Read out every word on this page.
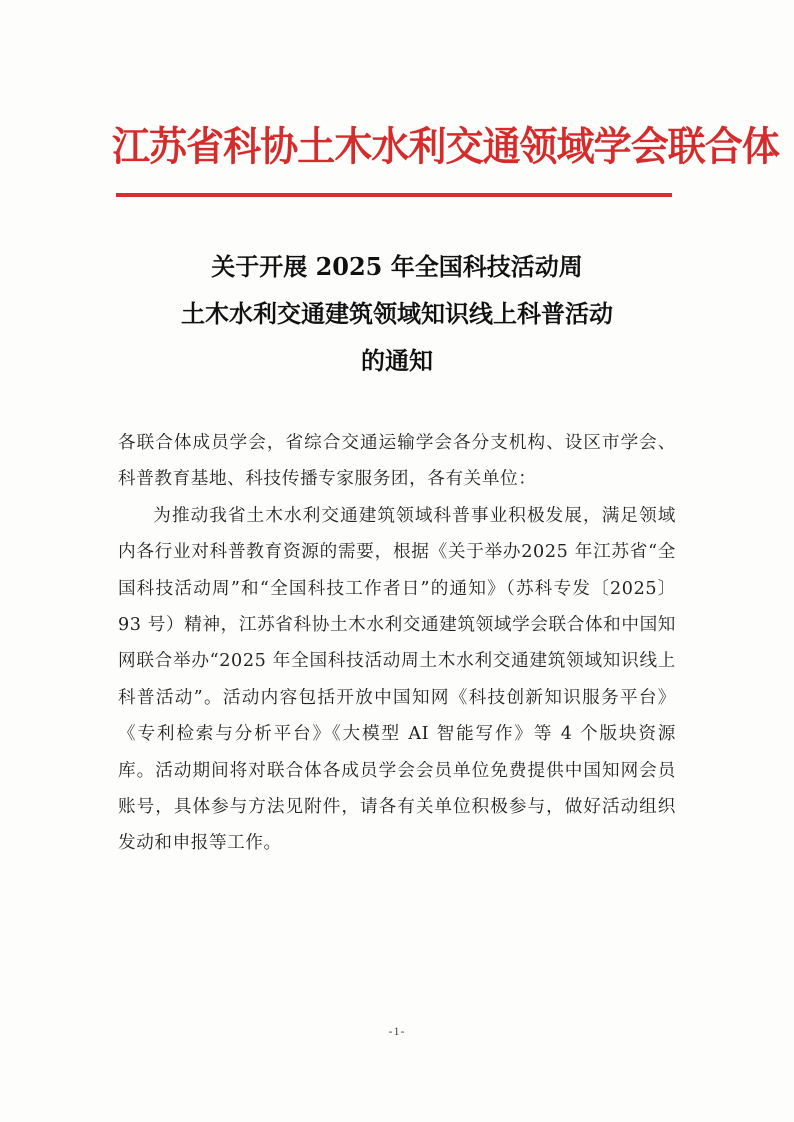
江苏省科协土木水利交通领域学会联合体
关于开展 2025 年全国科技活动周
土木水利交通建筑领域知识线上科普活动
的通知

各联合体成员学会，省综合交通运输学会各分支机构、设区市学会、科普教育基地、科技传播专家服务团，各有关单位：

为推动我省土木水利交通建筑领域科普事业积极发展，满足领域内各行业对科普教育资源的需要，根据《关于举办2025 年江苏省“全国科技活动周”和“全国科技工作者日”的通知》（苏科专发〔2025〕93 号）精神，江苏省科协土木水利交通建筑领域学会联合体和中国知网联合举办“2025 年全国科技活动周土木水利交通建筑领域知识线上科普活动”。活动内容包括开放中国知网《科技创新知识服务平台》《专利检索与分析平台》《大模型 AI 智能写作》等 4 个版块资源库。活动期间将对联合体各成员学会会员单位免费提供中国知网会员账号，具体参与方法见附件，请各有关单位积极参与，做好活动组织发动和申报等工作。

-1-
